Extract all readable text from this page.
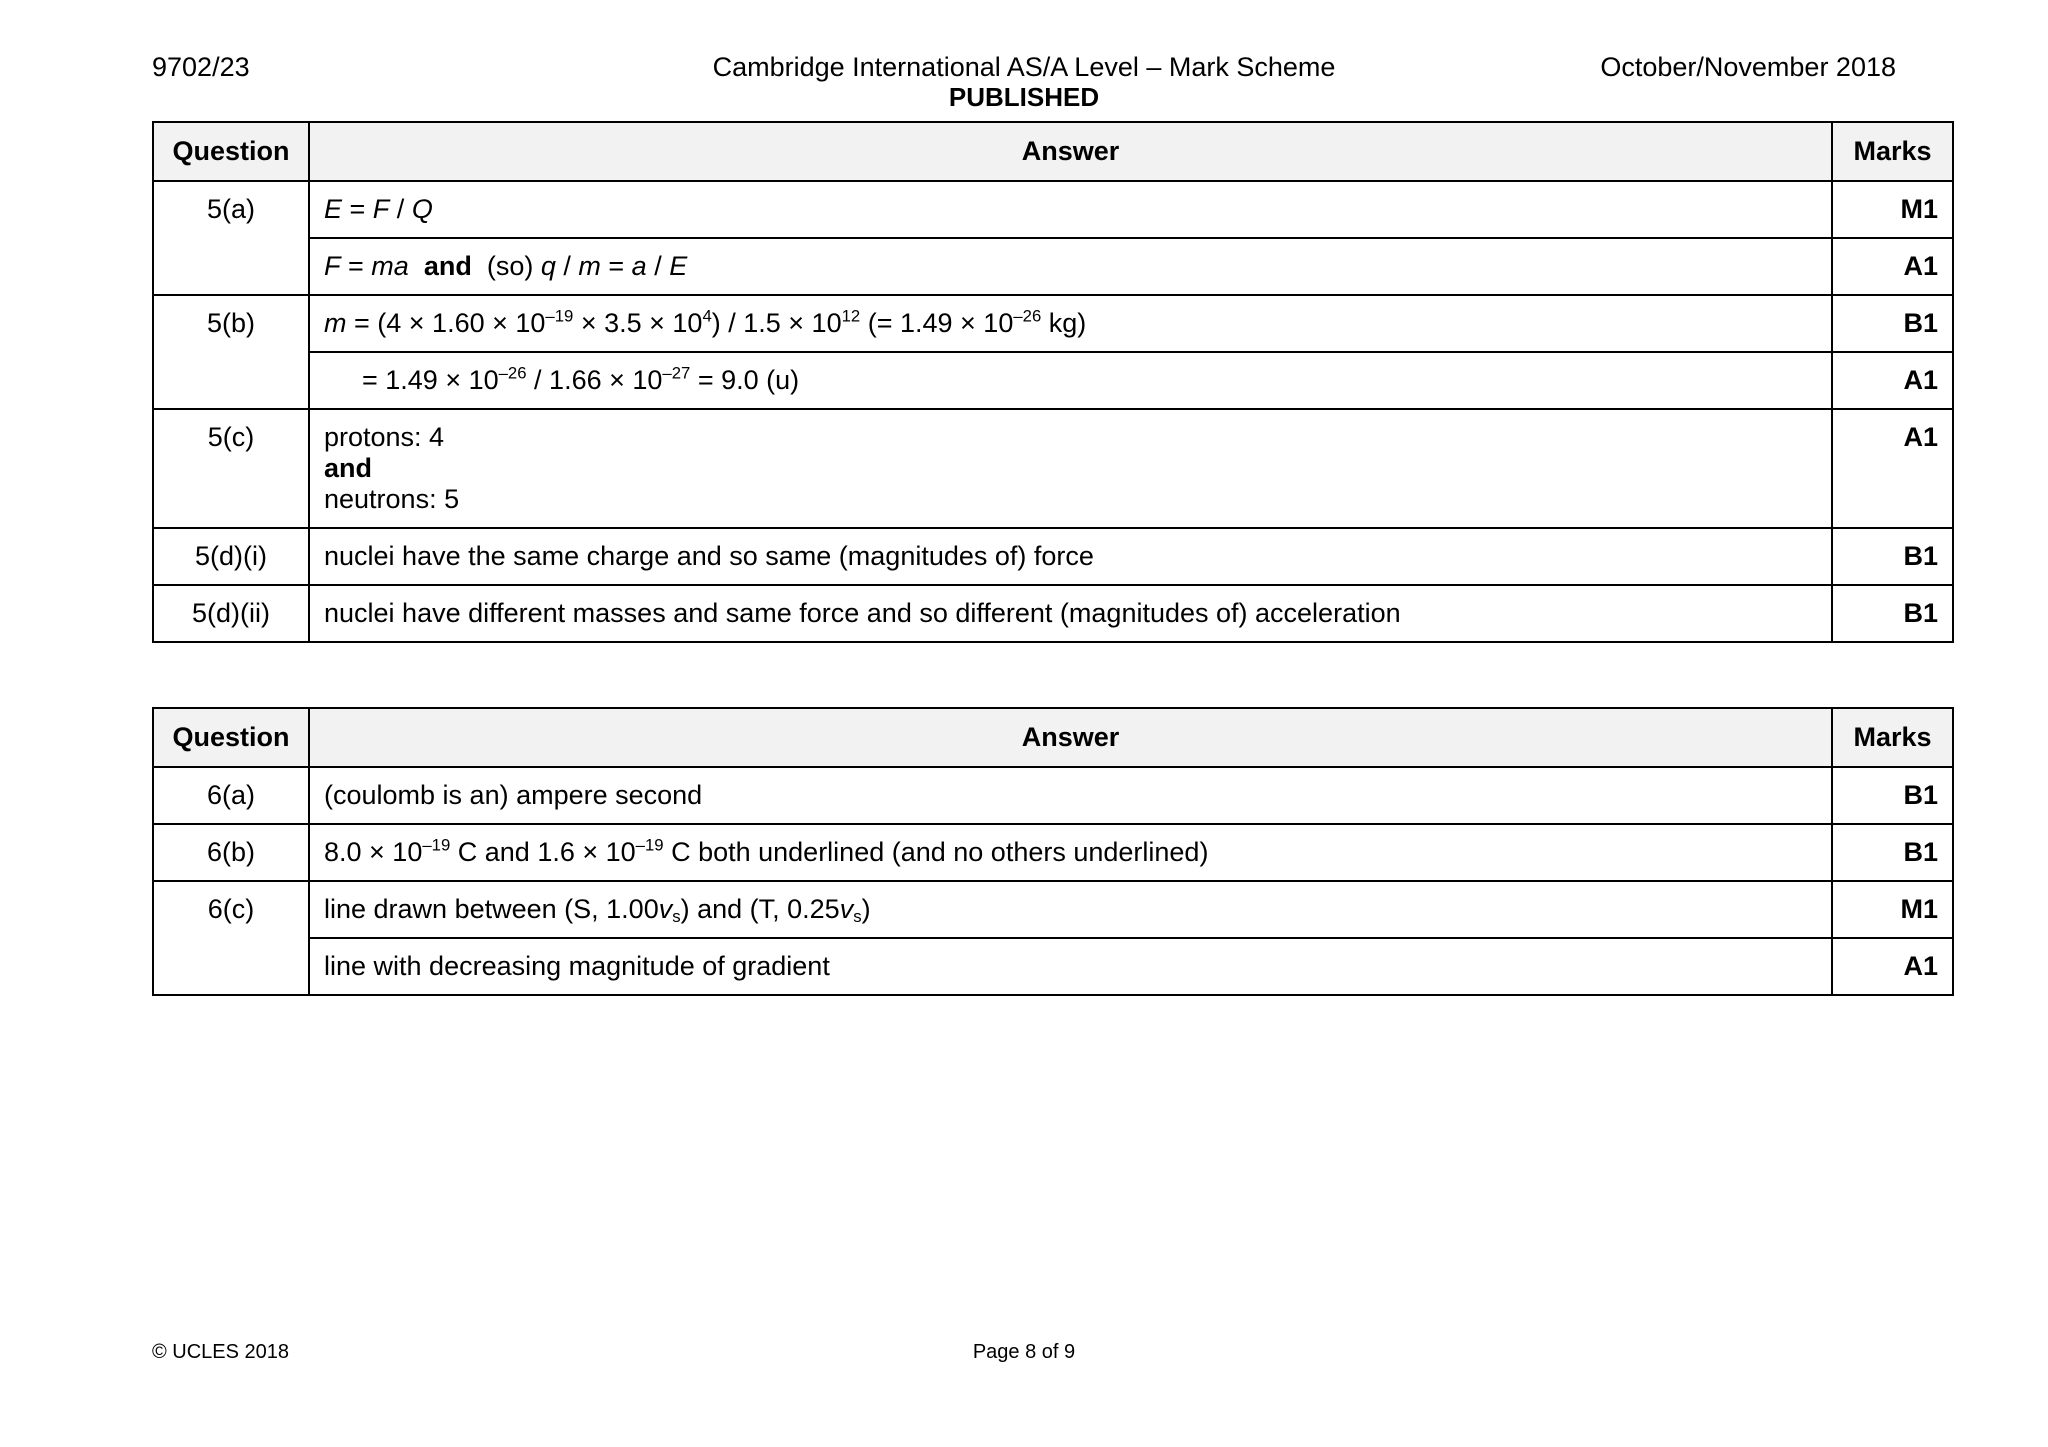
9702/23	Cambridge International AS/A Level – Mark Scheme
PUBLISHED
October/November 2018
Question	Answer	Marks
5(a)	E = F / Q	M1
	F = ma and (so) q / m = a / E	A1
5(b)	$m = (4 \times 1.60 \times 10^{-19} \times 3.5 \times 10^4) / 1.5 \times 10^{12}$ (= $1.49 \times 10^{-26}$ kg)	B1
	= $1.49 \times 10^{-26} / 1.66 \times 10^{-27} = 9.0$ (u)	A1
5(c)	protons: 4
and
neutrons: 5	A1
5(d)(i)	nuclei have the same charge and so same (magnitudes of) force	B1
5(d)(ii)	nuclei have different masses and same force and so different (magnitudes of) acceleration	B1
Question	Answer	Marks
6(a)	(coulomb is an) ampere second	B1
6(b)	$8.0 \times 10^{-19}$ C and $1.6 \times 10^{-19}$ C both underlined (and no others underlined)	B1
6(c)	line drawn between (S, $1.00v_s$) and (T, $0.25v_s$)	M1
	line with decreasing magnitude of gradient	A1
© UCLES 2018	Page 8 of 9
